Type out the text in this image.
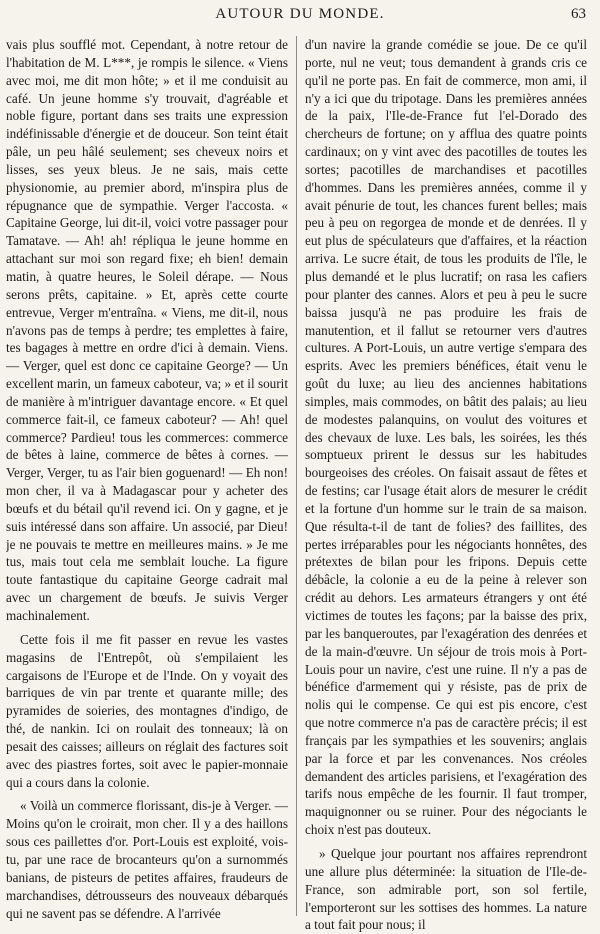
AUTOUR DU MONDE.	63

vais plus soufflé mot. Cependant, à notre retour de l'habitation de M. L***, je rompis le silence. « Viens avec moi, me dit mon hôte; » et il me conduisit au café. Un jeune homme s'y trouvait, d'agréable et noble figure, portant dans ses traits une expression indéfinissable d'énergie et de douceur. Son teint était pâle, un peu hâlé seulement; ses cheveux noirs et lisses, ses yeux bleus. Je ne sais, mais cette physionomie, au premier abord, m'inspira plus de répugnance que de sympathie. Verger l'accosta. « Capitaine George, lui dit-il, voici votre passager pour Tamatave. — Ah! ah! répliqua le jeune homme en attachant sur moi son regard fixe; eh bien! demain matin, à quatre heures, le Soleil dérape. — Nous serons prêts, capitaine. » Et, après cette courte entrevue, Verger m'entraîna. « Viens, me dit-il, nous n'avons pas de temps à perdre; tes emplettes à faire, tes bagages à mettre en ordre d'ici à demain. Viens. — Verger, quel est donc ce capitaine George? — Un excellent marin, un fameux caboteur, va; » et il sourit de manière à m'intriguer davantage encore. « Et quel commerce fait-il, ce fameux caboteur? — Ah! quel commerce? Pardieu! tous les commerces: commerce de bêtes à laine, commerce de bêtes à cornes. — Verger, Verger, tu as l'air bien goguenard! — Eh non! mon cher, il va à Madagascar pour y acheter des bœufs et du bétail qu'il revend ici. On y gagne, et je suis intéressé dans son affaire. Un associé, par Dieu! je ne pouvais te mettre en meilleures mains. » Je me tus, mais tout cela me semblait louche. La figure toute fantastique du capitaine George cadrait mal avec un chargement de bœufs. Je suivis Verger machinalement.

Cette fois il me fit passer en revue les vastes magasins de l'Entrepôt, où s'empilaient les cargaisons de l'Europe et de l'Inde. On y voyait des barriques de vin par trente et quarante mille; des pyramides de soieries, des montagnes d'indigo, de thé, de nankin. Ici on roulait des tonneaux; là on pesait des caisses; ailleurs on réglait des factures soit avec des piastres fortes, soit avec le papier-monnaie qui a cours dans la colonie.

« Voilà un commerce florissant, dis-je à Verger. — Moins qu'on le croirait, mon cher. Il y a des haillons sous ces paillettes d'or. Port-Louis est exploité, vois-tu, par une race de brocanteurs qu'on a surnommés banians, de pisteurs de petites affaires, fraudeurs de marchandises, détrousseurs des nouveaux débarqués qui ne savent pas se défendre. A l'arrivée

d'un navire la grande comédie se joue. De ce qu'il porte, nul ne veut; tous demandent à grands cris ce qu'il ne porte pas. En fait de commerce, mon ami, il n'y a ici que du tripotage. Dans les premières années de la paix, l'Ile-de-France fut l'el-Dorado des chercheurs de fortune; on y afflua des quatre points cardinaux; on y vint avec des pacotilles de toutes les sortes; pacotilles de marchandises et pacotilles d'hommes. Dans les premières années, comme il y avait pénurie de tout, les chances furent belles; mais peu à peu on regorgea de monde et de denrées. Il y eut plus de spéculateurs que d'affaires, et la réaction arriva. Le sucre était, de tous les produits de l'île, le plus demandé et le plus lucratif; on rasa les cafiers pour planter des cannes. Alors et peu à peu le sucre baissa jusqu'à ne pas produire les frais de manutention, et il fallut se retourner vers d'autres cultures. A Port-Louis, un autre vertige s'empara des esprits. Avec les premiers bénéfices, était venu le goût du luxe; au lieu des anciennes habitations simples, mais commodes, on bâtit des palais; au lieu de modestes palanquins, on voulut des voitures et des chevaux de luxe. Les bals, les soirées, les thés somptueux prirent le dessus sur les habitudes bourgeoises des créoles. On faisait assaut de fêtes et de festins; car l'usage était alors de mesurer le crédit et la fortune d'un homme sur le train de sa maison. Que résulta-t-il de tant de folies? des faillites, des pertes irréparables pour les négociants honnêtes, des prétextes de bilan pour les fripons. Depuis cette débâcle, la colonie a eu de la peine à relever son crédit au dehors. Les armateurs étrangers y ont été victimes de toutes les façons; par la baisse des prix, par les banqueroutes, par l'exagération des denrées et de la main-d'œuvre. Un séjour de trois mois à Port-Louis pour un navire, c'est une ruine. Il n'y a pas de bénéfice d'armement qui y résiste, pas de prix de nolis qui le compense. Ce qui est pis encore, c'est que notre commerce n'a pas de caractère précis; il est français par les sympathies et les souvenirs; anglais par la force et par les convenances. Nos créoles demandent des articles parisiens, et l'exagération des tarifs nous empêche de les fournir. Il faut tromper, maquignonner ou se ruiner. Pour des négociants le choix n'est pas douteux.

» Quelque jour pourtant nos affaires reprendront une allure plus déterminée: la situation de l'Ile-de-France, son admirable port, son sol fertile, l'emporteront sur les sottises des hommes. La nature a tout fait pour nous; il
